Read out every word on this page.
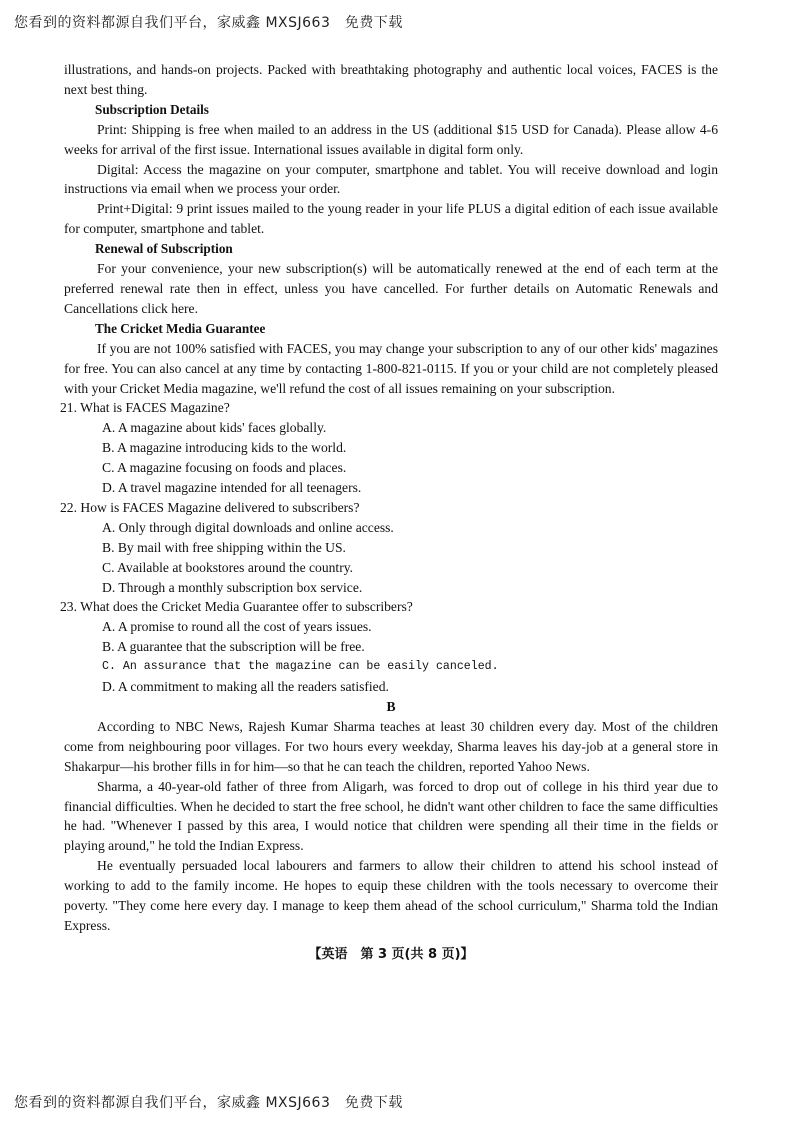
您看到的资料都源自我们平台，家威鑫 MXSJ663　免费下载

illustrations, and hands-on projects. Packed with breathtaking photography and authentic local voices, FACES is the next best thing.

Subscription Details

Print: Shipping is free when mailed to an address in the US (additional $15 USD for Canada). Please allow 4-6 weeks for arrival of the first issue. International issues available in digital form only.

Digital: Access the magazine on your computer, smartphone and tablet. You will receive download and login instructions via email when we process your order.

Print+Digital: 9 print issues mailed to the young reader in your life PLUS a digital edition of each issue available for computer, smartphone and tablet.

Renewal of Subscription

For your convenience, your new subscription(s) will be automatically renewed at the end of each term at the preferred renewal rate then in effect, unless you have cancelled. For further details on Automatic Renewals and Cancellations click here.

The Cricket Media Guarantee

If you are not 100% satisfied with FACES, you may change your subscription to any of our other kids' magazines for free. You can also cancel at any time by contacting 1-800-821-0115. If you or your child are not completely pleased with your Cricket Media magazine, we'll refund the cost of all issues remaining on your subscription.

21. What is FACES Magazine?

A. A magazine about kids' faces globally.

B. A magazine introducing kids to the world.

C. A magazine focusing on foods and places.

D. A travel magazine intended for all teenagers.

22. How is FACES Magazine delivered to subscribers?

A. Only through digital downloads and online access.

B. By mail with free shipping within the US.

C. Available at bookstores around the country.

D. Through a monthly subscription box service.

23. What does the Cricket Media Guarantee offer to subscribers?

A. A promise to round all the cost of years issues.

B. A guarantee that the subscription will be free.

C. An assurance that the magazine can be easily canceled.

D. A commitment to making all the readers satisfied.

B

According to NBC News, Rajesh Kumar Sharma teaches at least 30 children every day. Most of the children come from neighbouring poor villages. For two hours every weekday, Sharma leaves his day-job at a general store in Shakarpur—his brother fills in for him—so that he can teach the children, reported Yahoo News.

Sharma, a 40-year-old father of three from Aligarh, was forced to drop out of college in his third year due to financial difficulties. When he decided to start the free school, he didn't want other children to face the same difficulties he had. "Whenever I passed by this area, I would notice that children were spending all their time in the fields or playing around," he told the Indian Express.

He eventually persuaded local labourers and farmers to allow their children to attend his school instead of working to add to the family income. He hopes to equip these children with the tools necessary to overcome their poverty. "They come here every day. I manage to keep them ahead of the school curriculum," Sharma told the Indian Express.

【英语　第 3 页(共 8 页)】

您看到的资料都源自我们平台，家威鑫 MXSJ663　免费下载
